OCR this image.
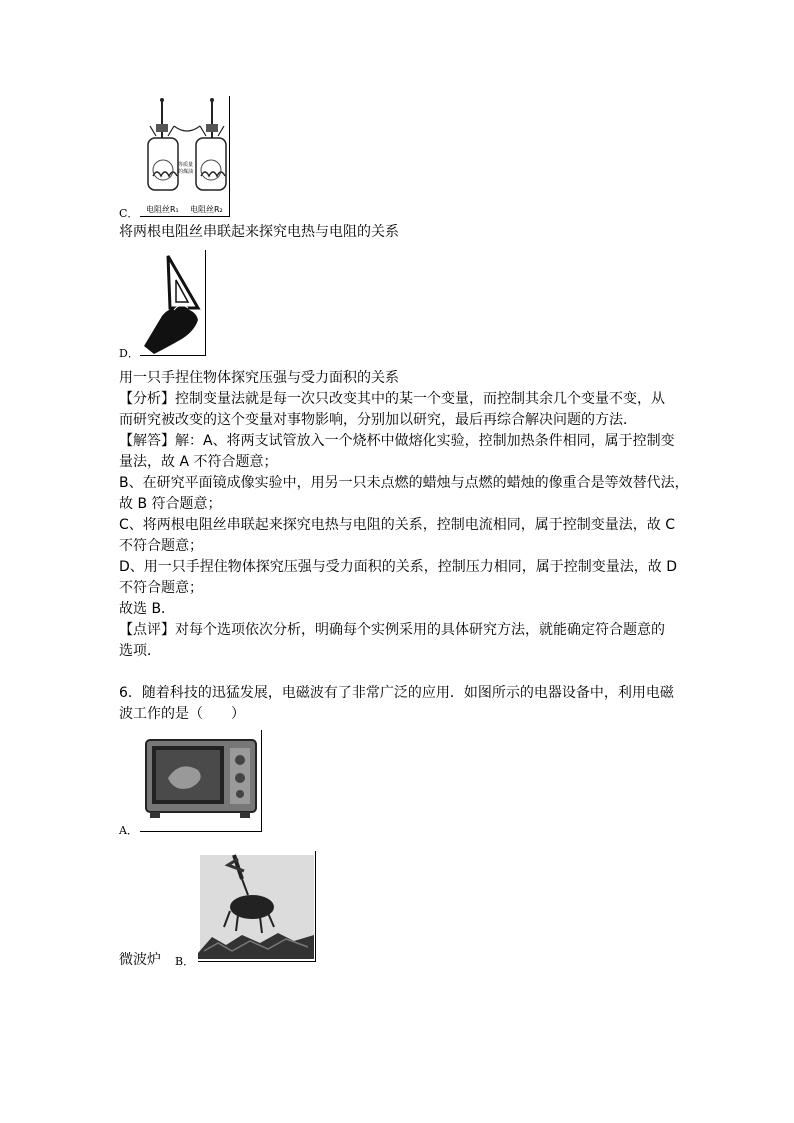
等质量的煤油
电阻丝R₁ 电阻丝R₂
C．
将两根电阻丝串联起来探究电热与电阻的关系
D．
用一只手捏住物体探究压强与受力面积的关系
【分析】控制变量法就是每一次只改变其中的某一个变量，而控制其余几个变量不变，从
而研究被改变的这个变量对事物影响，分别加以研究，最后再综合解决问题的方法．
【解答】解：A、将两支试管放入一个烧杯中做熔化实验，控制加热条件相同，属于控制变
量法，故 A 不符合题意；
B、在研究平面镜成像实验中，用另一只未点燃的蜡烛与点燃的蜡烛的像重合是等效替代法，
故 B 符合题意；
C、将两根电阻丝串联起来探究电热与电阻的关系，控制电流相同，属于控制变量法，故 C
不符合题意；
D、用一只手捏住物体探究压强与受力面积的关系，控制压力相同，属于控制变量法，故 D
不符合题意；
故选 B．
【点评】对每个选项依次分析，明确每个实例采用的具体研究方法，就能确定符合题意的
选项．
6．随着科技的迅猛发展，电磁波有了非常广泛的应用．如图所示的电器设备中，利用电磁
波工作的是（　　）
A．
微波炉 B．
